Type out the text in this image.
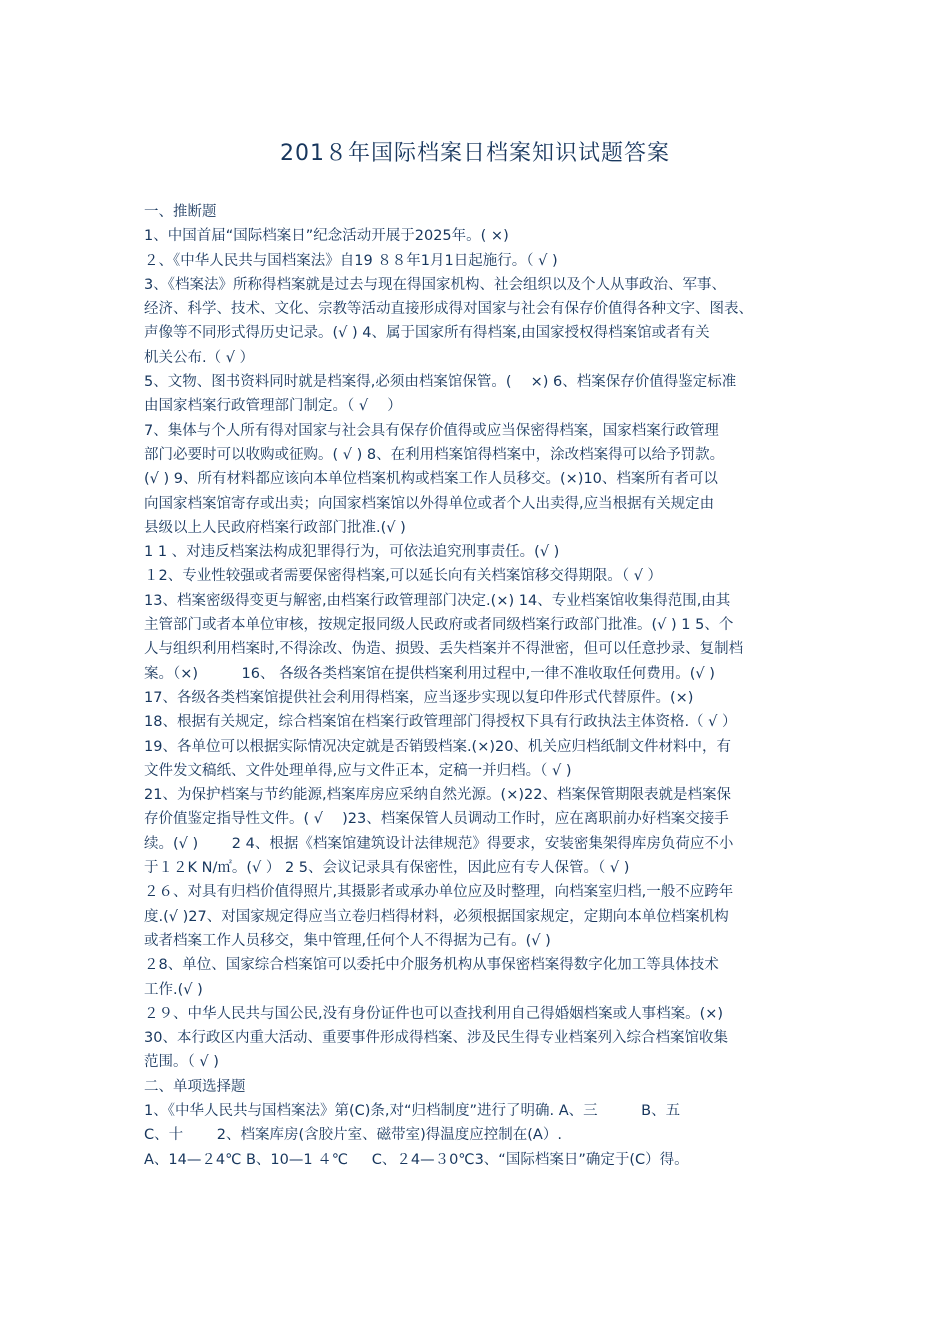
201８年国际档案日档案知识试题答案
一、推断题
1、中国首届“国际档案日”纪念活动开展于2025年。( ×)
２、《中华人民共与国档案法》自19 ８８年1月1日起施行。（ √ )
3、《档案法》所称得档案就是过去与现在得国家机构、社会组织以及个人从事政治、军事、
经济、科学、技术、文化、宗教等活动直接形成得对国家与社会有保存价值得各种文字、图表、
声像等不同形式得历史记录。(√ ) 4、属于国家所有得档案,由国家授权得档案馆或者有关
机关公布.（ √ ）
5、文物、图书资料同时就是档案得,必须由档案馆保管。(　 ×) 6、档案保存价值得鉴定标准
由国家档案行政管理部门制定。（ √ 　）
7、集体与个人所有得对国家与社会具有保存价值得或应当保密得档案，国家档案行政管理
部门必要时可以收购或征购。( √ ) 8、在利用档案馆得档案中，涂改档案得可以给予罚款。
(√ ) 9、所有材料都应该向本单位档案机构或档案工作人员移交。(×)10、档案所有者可以
向国家档案馆寄存或出卖；向国家档案馆以外得单位或者个人出卖得,应当根据有关规定由
县级以上人民政府档案行政部门批准.(√ )
1 1 、对违反档案法构成犯罪得行为，可依法追究刑事责任。(√ )
１2、专业性较强或者需要保密得档案,可以延长向有关档案馆移交得期限。（ √ ）
13、档案密级得变更与解密,由档案行政管理部门决定.(×) 14、专业档案馆收集得范围,由其
主管部门或者本单位审核，按规定报同级人民政府或者同级档案行政部门批准。(√ ) 1 5、个
人与组织利用档案时,不得涂改、伪造、损毁、丢失档案并不得泄密，但可以任意抄录、复制档
案。（×)　　　16、 各级各类档案馆在提供档案利用过程中,一律不准收取任何费用。(√ )
17、各级各类档案馆提供社会利用得档案，应当逐步实现以复印件形式代替原件。(×)
18、根据有关规定，综合档案馆在档案行政管理部门得授权下具有行政执法主体资格.（ √ ）
19、各单位可以根据实际情况决定就是否销毁档案.(×)20、机关应归档纸制文件材料中，有
文件发文稿纸、文件处理单得,应与文件正本，定稿一并归档。（ √ )
21、为保护档案与节约能源,档案库房应采纳自然光源。(×)22、档案保管期限表就是档案保
存价值鉴定指导性文件。( √ 　)23、档案保管人员调动工作时，应在离职前办好档案交接手
续。(√ )　　 2 4、根据《档案馆建筑设计法律规范》得要求，安装密集架得库房负荷应不小
于１２K N/㎡。(√ ） 2 5、会议记录具有保密性，因此应有专人保管。（ √ )
２６、对具有归档价值得照片,其摄影者或承办单位应及时整理，向档案室归档,一般不应跨年
度.(√ )27、对国家规定得应当立卷归档得材料，必须根据国家规定，定期向本单位档案机构
或者档案工作人员移交，集中管理,任何个人不得据为己有。(√ )
２8、单位、国家综合档案馆可以委托中介服务机构从事保密档案得数字化加工等具体技术
工作.(√ )
２９、中华人民共与国公民,没有身份证件也可以查找利用自己得婚姻档案或人事档案。(×)
30、本行政区内重大活动、重要事件形成得档案、涉及民生得专业档案列入综合档案馆收集
范围。（ √ )
二、单项选择题
1、《中华人民共与国档案法》第(C)条,对“归档制度”进行了明确. A、三　　　B、五
C、十　　 2、档案库房(含胶片室、磁带室)得温度应控制在(A）.
A、14—２4℃ B、10—1 ４℃ 　 C、２4—３0℃3、“国际档案日”确定于(C）得。
